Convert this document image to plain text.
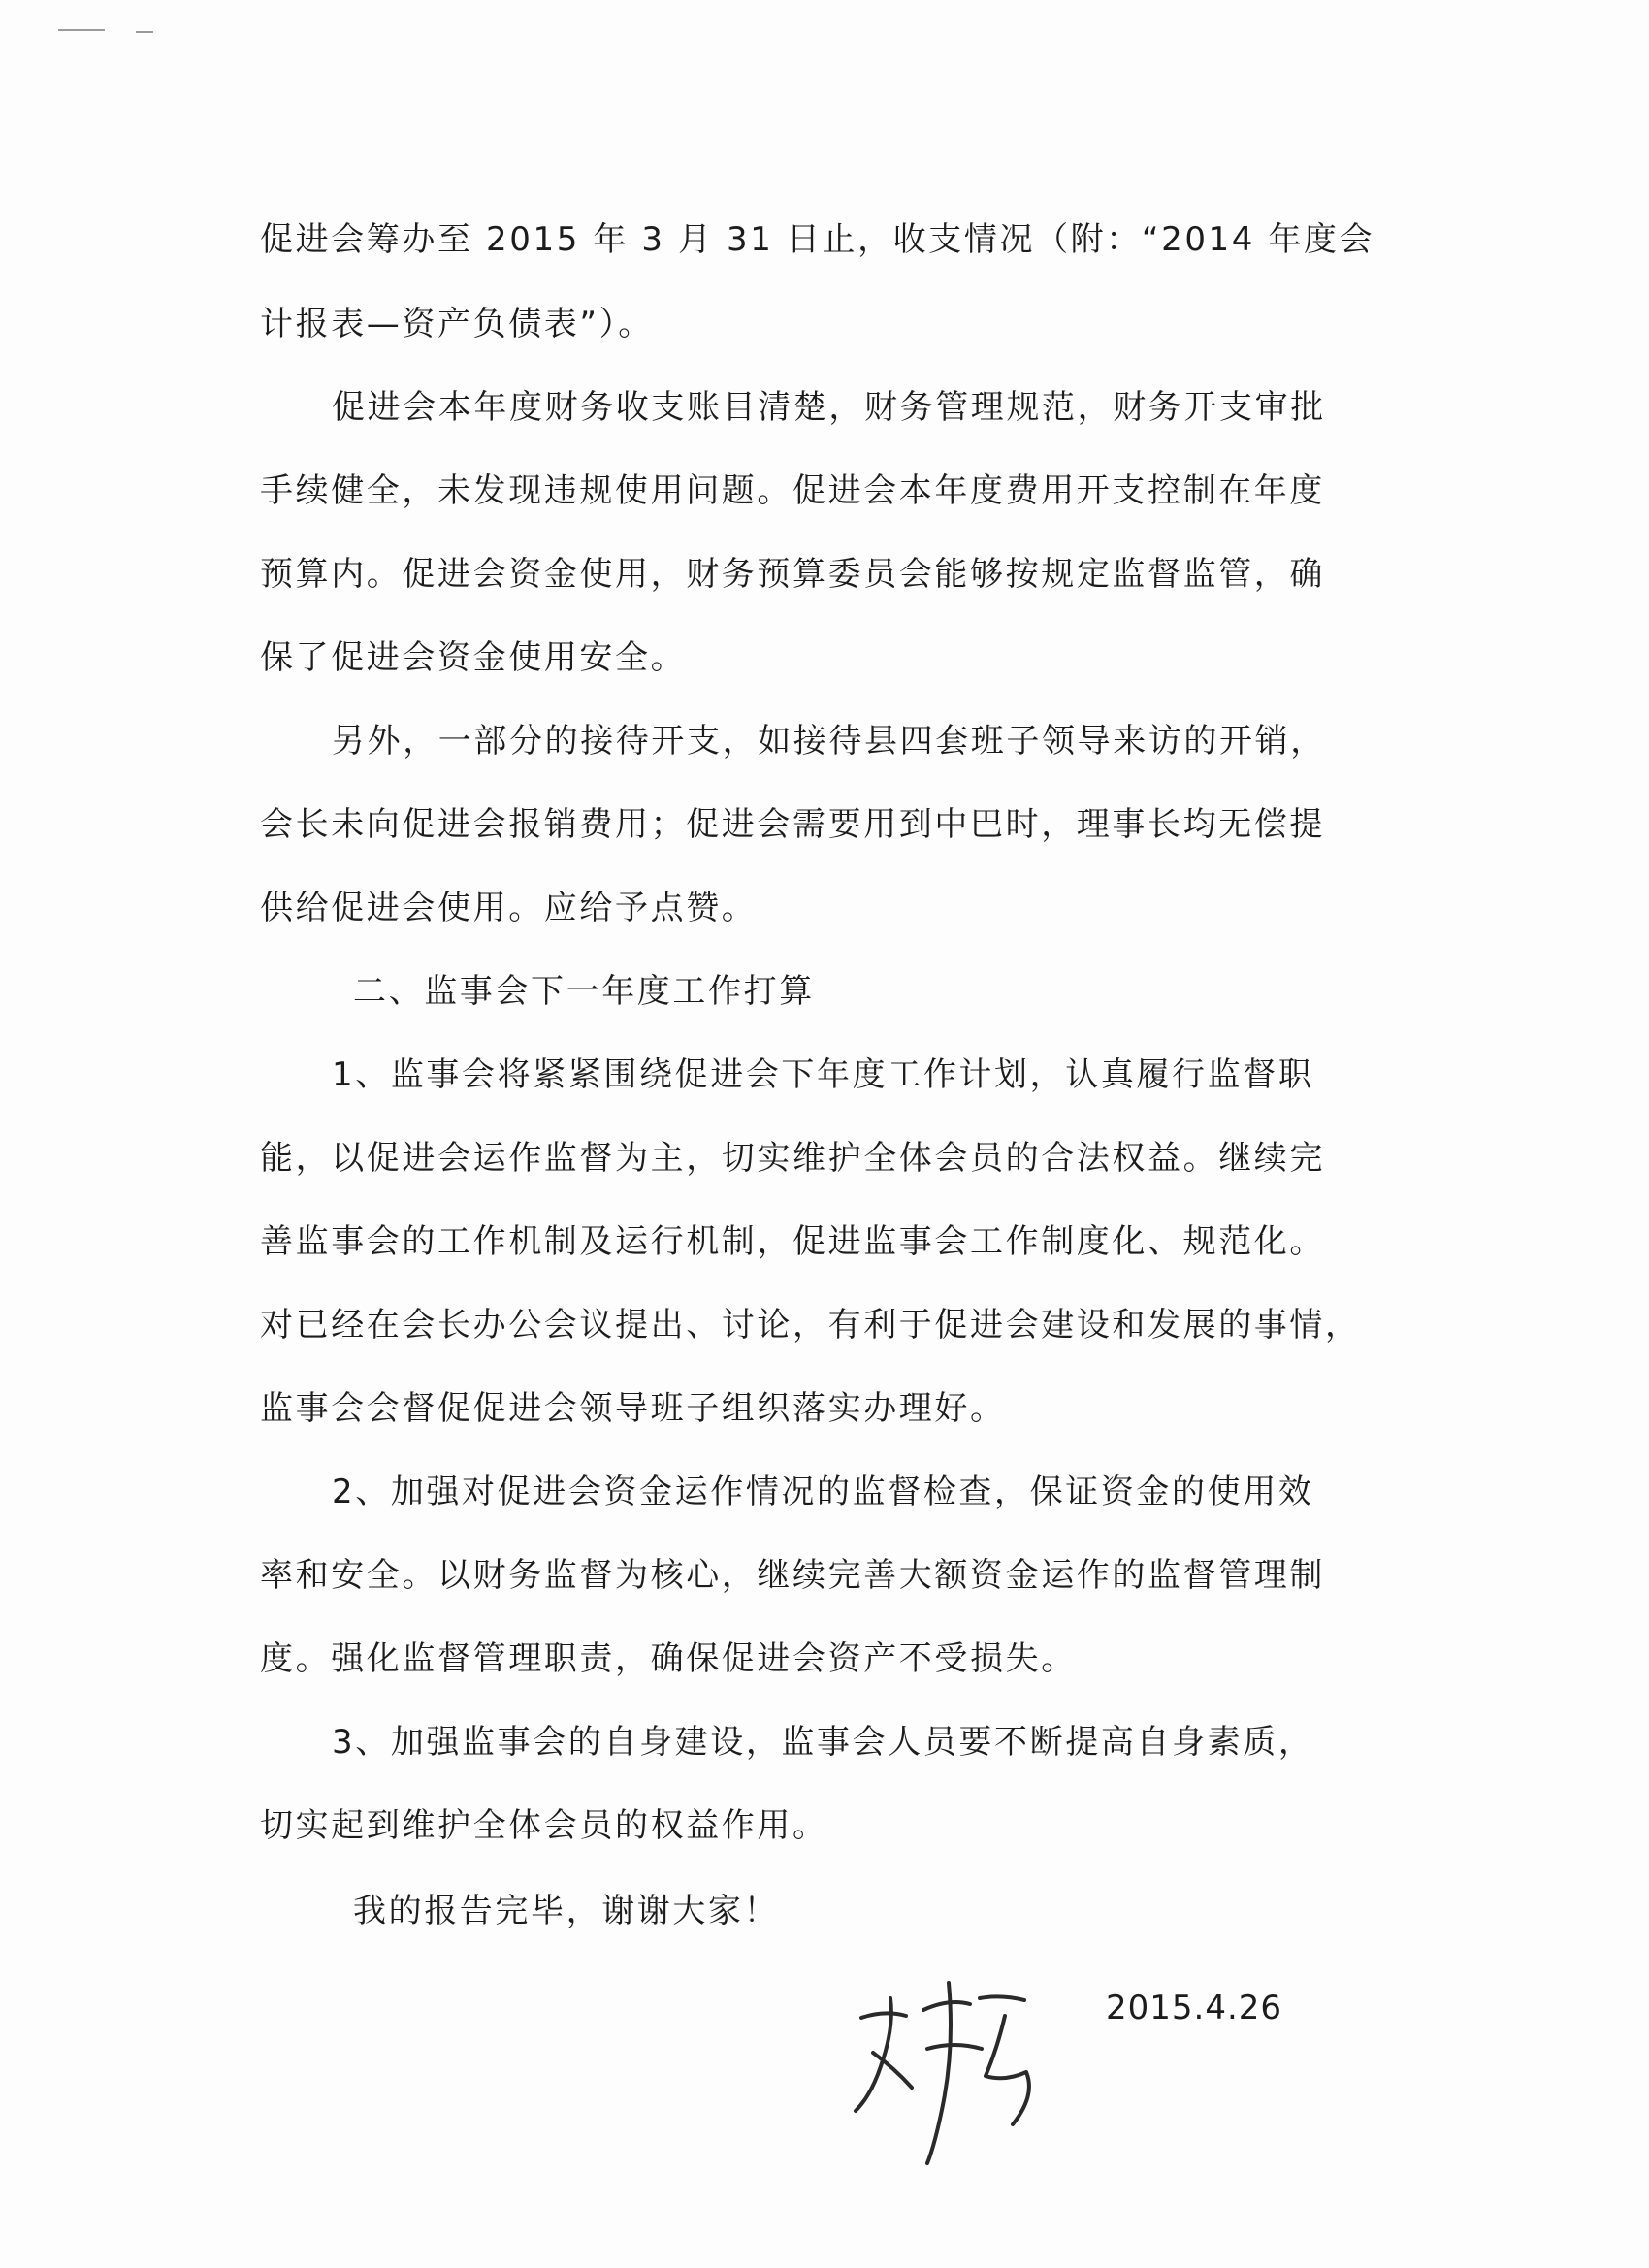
促进会筹办至 2015 年 3 月 31 日止，收支情况（附：“2014 年度会
计报表—资产负债表”）。
促进会本年度财务收支账目清楚，财务管理规范，财务开支审批
手续健全，未发现违规使用问题。促进会本年度费用开支控制在年度
预算内。促进会资金使用，财务预算委员会能够按规定监督监管，确
保了促进会资金使用安全。
另外，一部分的接待开支，如接待县四套班子领导来访的开销，
会长未向促进会报销费用；促进会需要用到中巴时，理事长均无偿提
供给促进会使用。应给予点赞。
二、监事会下一年度工作打算
1、监事会将紧紧围绕促进会下年度工作计划，认真履行监督职
能，以促进会运作监督为主，切实维护全体会员的合法权益。继续完
善监事会的工作机制及运行机制，促进监事会工作制度化、规范化。
对已经在会长办公会议提出、讨论，有利于促进会建设和发展的事情，
监事会会督促促进会领导班子组织落实办理好。
2、加强对促进会资金运作情况的监督检查，保证资金的使用效
率和安全。以财务监督为核心，继续完善大额资金运作的监督管理制
度。强化监督管理职责，确保促进会资产不受损失。
3、加强监事会的自身建设，监事会人员要不断提高自身素质，
切实起到维护全体会员的权益作用。
我的报告完毕，谢谢大家！
2015.4.26
